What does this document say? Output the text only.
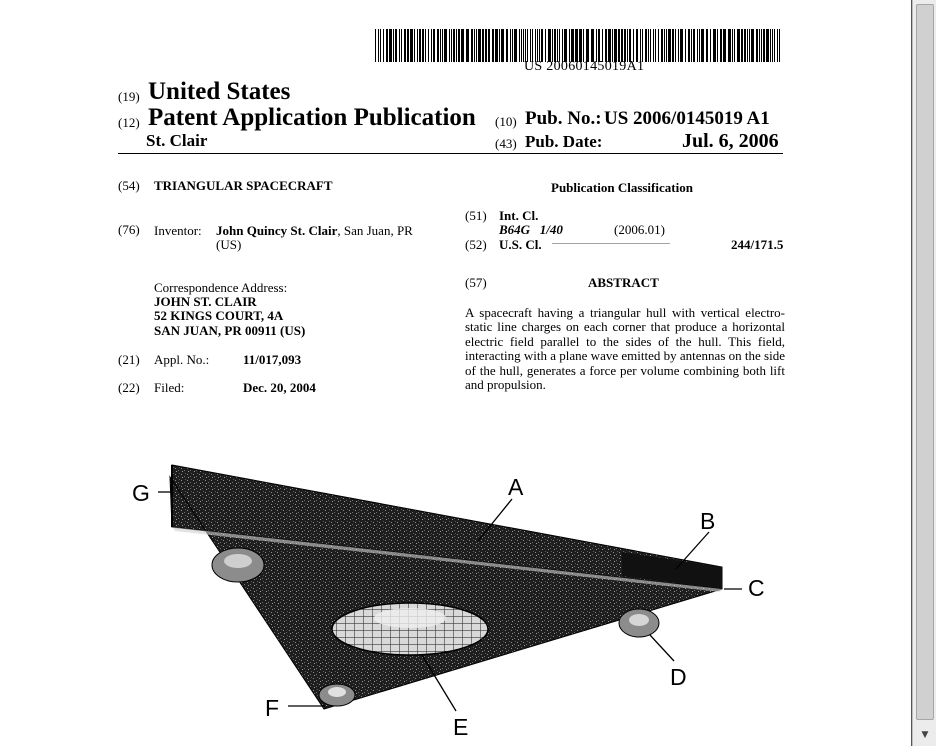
US 20060145019A1
(19) United States
(12) Patent Application Publication
St. Clair
(10) Pub. No.: US 2006/0145019 A1
(43) Pub. Date:	Jul. 6, 2006
(54) TRIANGULAR SPACECRAFT
(76) Inventor: John Quincy St. Clair, San Juan, PR
(US)
Correspondence Address:
JOHN ST. CLAIR
52 KINGS COURT, 4A
SAN JUAN, PR 00911 (US)
(21) Appl. No.:	11/017,093
(22) Filed:	Dec. 20, 2004
Publication Classification
(51) Int. Cl.
B64G   1/40	(2006.01)
(52) U.S. Cl. ...........................................................	244/171.5
(57)	ABSTRACT
A spacecraft having a triangular hull with vertical electro-static line charges on each corner that produce a horizontal electric field parallel to the sides of the hull. This field, interacting with a plane wave emitted by antennas on the side of the hull, generates a force per volume combining both lift and propulsion.
A
B
C
D
E
F
G
▼
